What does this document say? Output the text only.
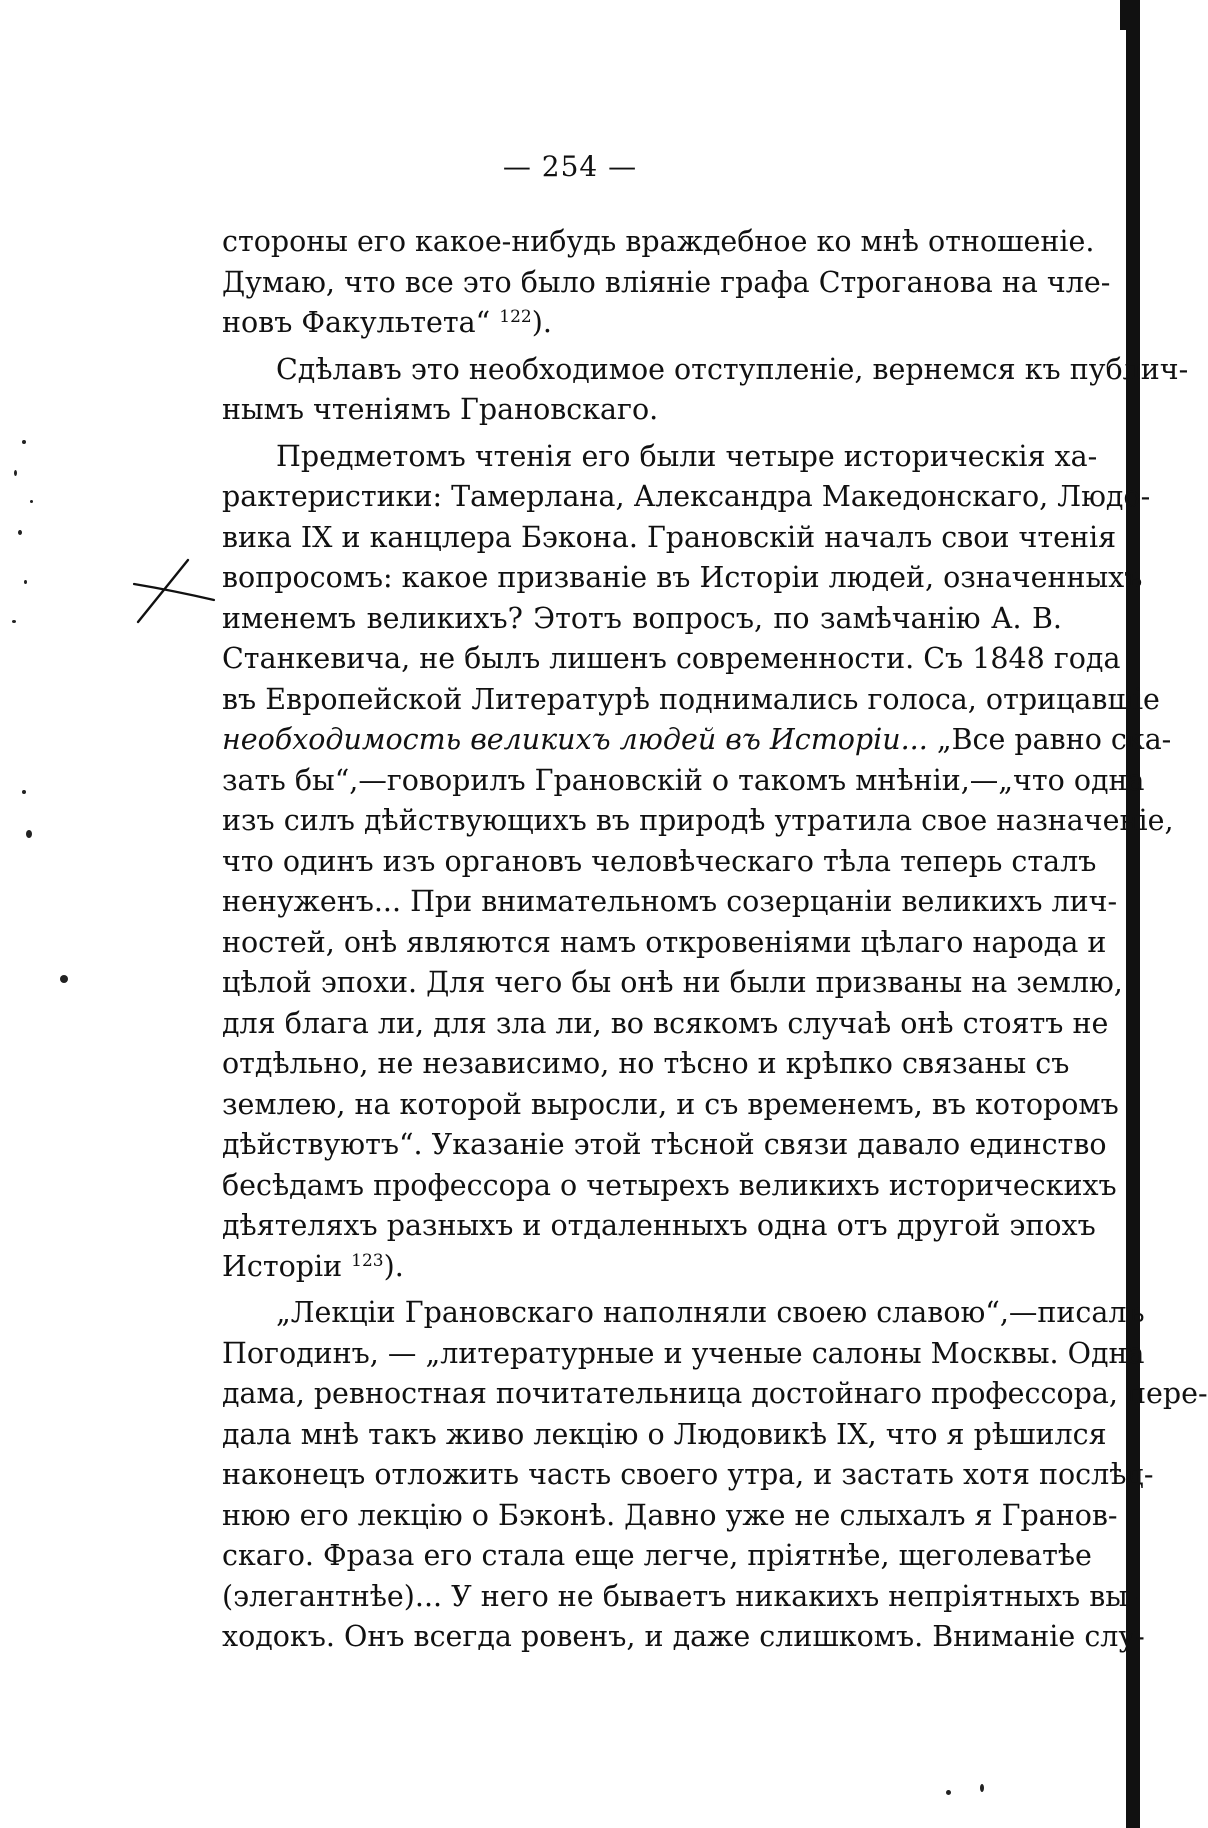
— 254 —
стороны его какое-нибудь враждебное ко мнѣ отношеніе.
Думаю, что все это было вліяніе графа Строганова на чле-
новъ Факультета“ $^{122}$).
Сдѣлавъ это необходимое отступленіе, вернемся къ публич-
нымъ чтеніямъ Грановскаго.
Предметомъ чтенія его были четыре историческія ха-
рактеристики: Тамерлана, Александра Македонскаго, Людо-
вика IX и канцлера Бэкона. Грановскій началъ свои чтенія
вопросомъ: какое призваніе въ Исторіи людей, означенныхъ
именемъ великихъ? Этотъ вопросъ, по замѣчанію А. В.
Станкевича, не былъ лишенъ современности. Съ 1848 года
въ Европейской Литературѣ поднимались голоса, отрицавшіе
необходимость великихъ людей въ Исторіи... „Все равно ска-
зать бы“,—говорилъ Грановскій о такомъ мнѣніи,—„что одна
изъ силъ дѣйствующихъ въ природѣ утратила свое назначеніе,
что одинъ изъ органовъ человѣческаго тѣла теперь сталъ
ненуженъ... При внимательномъ созерцаніи великихъ лич-
ностей, онѣ являются намъ откровеніями цѣлаго народа и
цѣлой эпохи. Для чего бы онѣ ни были призваны на землю,
для блага ли, для зла ли, во всякомъ случаѣ онѣ стоятъ не
отдѣльно, не независимо, но тѣсно и крѣпко связаны съ
землею, на которой выросли, и съ временемъ, въ которомъ
дѣйствуютъ“. Указаніе этой тѣсной связи давало единство
бесѣдамъ профессора о четырехъ великихъ историческихъ
дѣятеляхъ разныхъ и отдаленныхъ одна отъ другой эпохъ
Исторіи $^{123}$).
„Лекціи Грановскаго наполняли своею славою“,—писалъ
Погодинъ, — „литературные и ученые салоны Москвы. Одна
дама, ревностная почитательница достойнаго профессора, пере-
дала мнѣ такъ живо лекцію о Людовикѣ IX, что я рѣшился
наконецъ отложить часть своего утра, и застать хотя послѣд-
нюю его лекцію о Бэконѣ. Давно уже не слыхалъ я Гранов-
скаго. Фраза его стала еще легче, пріятнѣе, щеголеватѣе
(элегантнѣе)... У него не бываетъ никакихъ непріятныхъ вы-
ходокъ. Онъ всегда ровенъ, и даже слишкомъ. Вниманіе слу-
